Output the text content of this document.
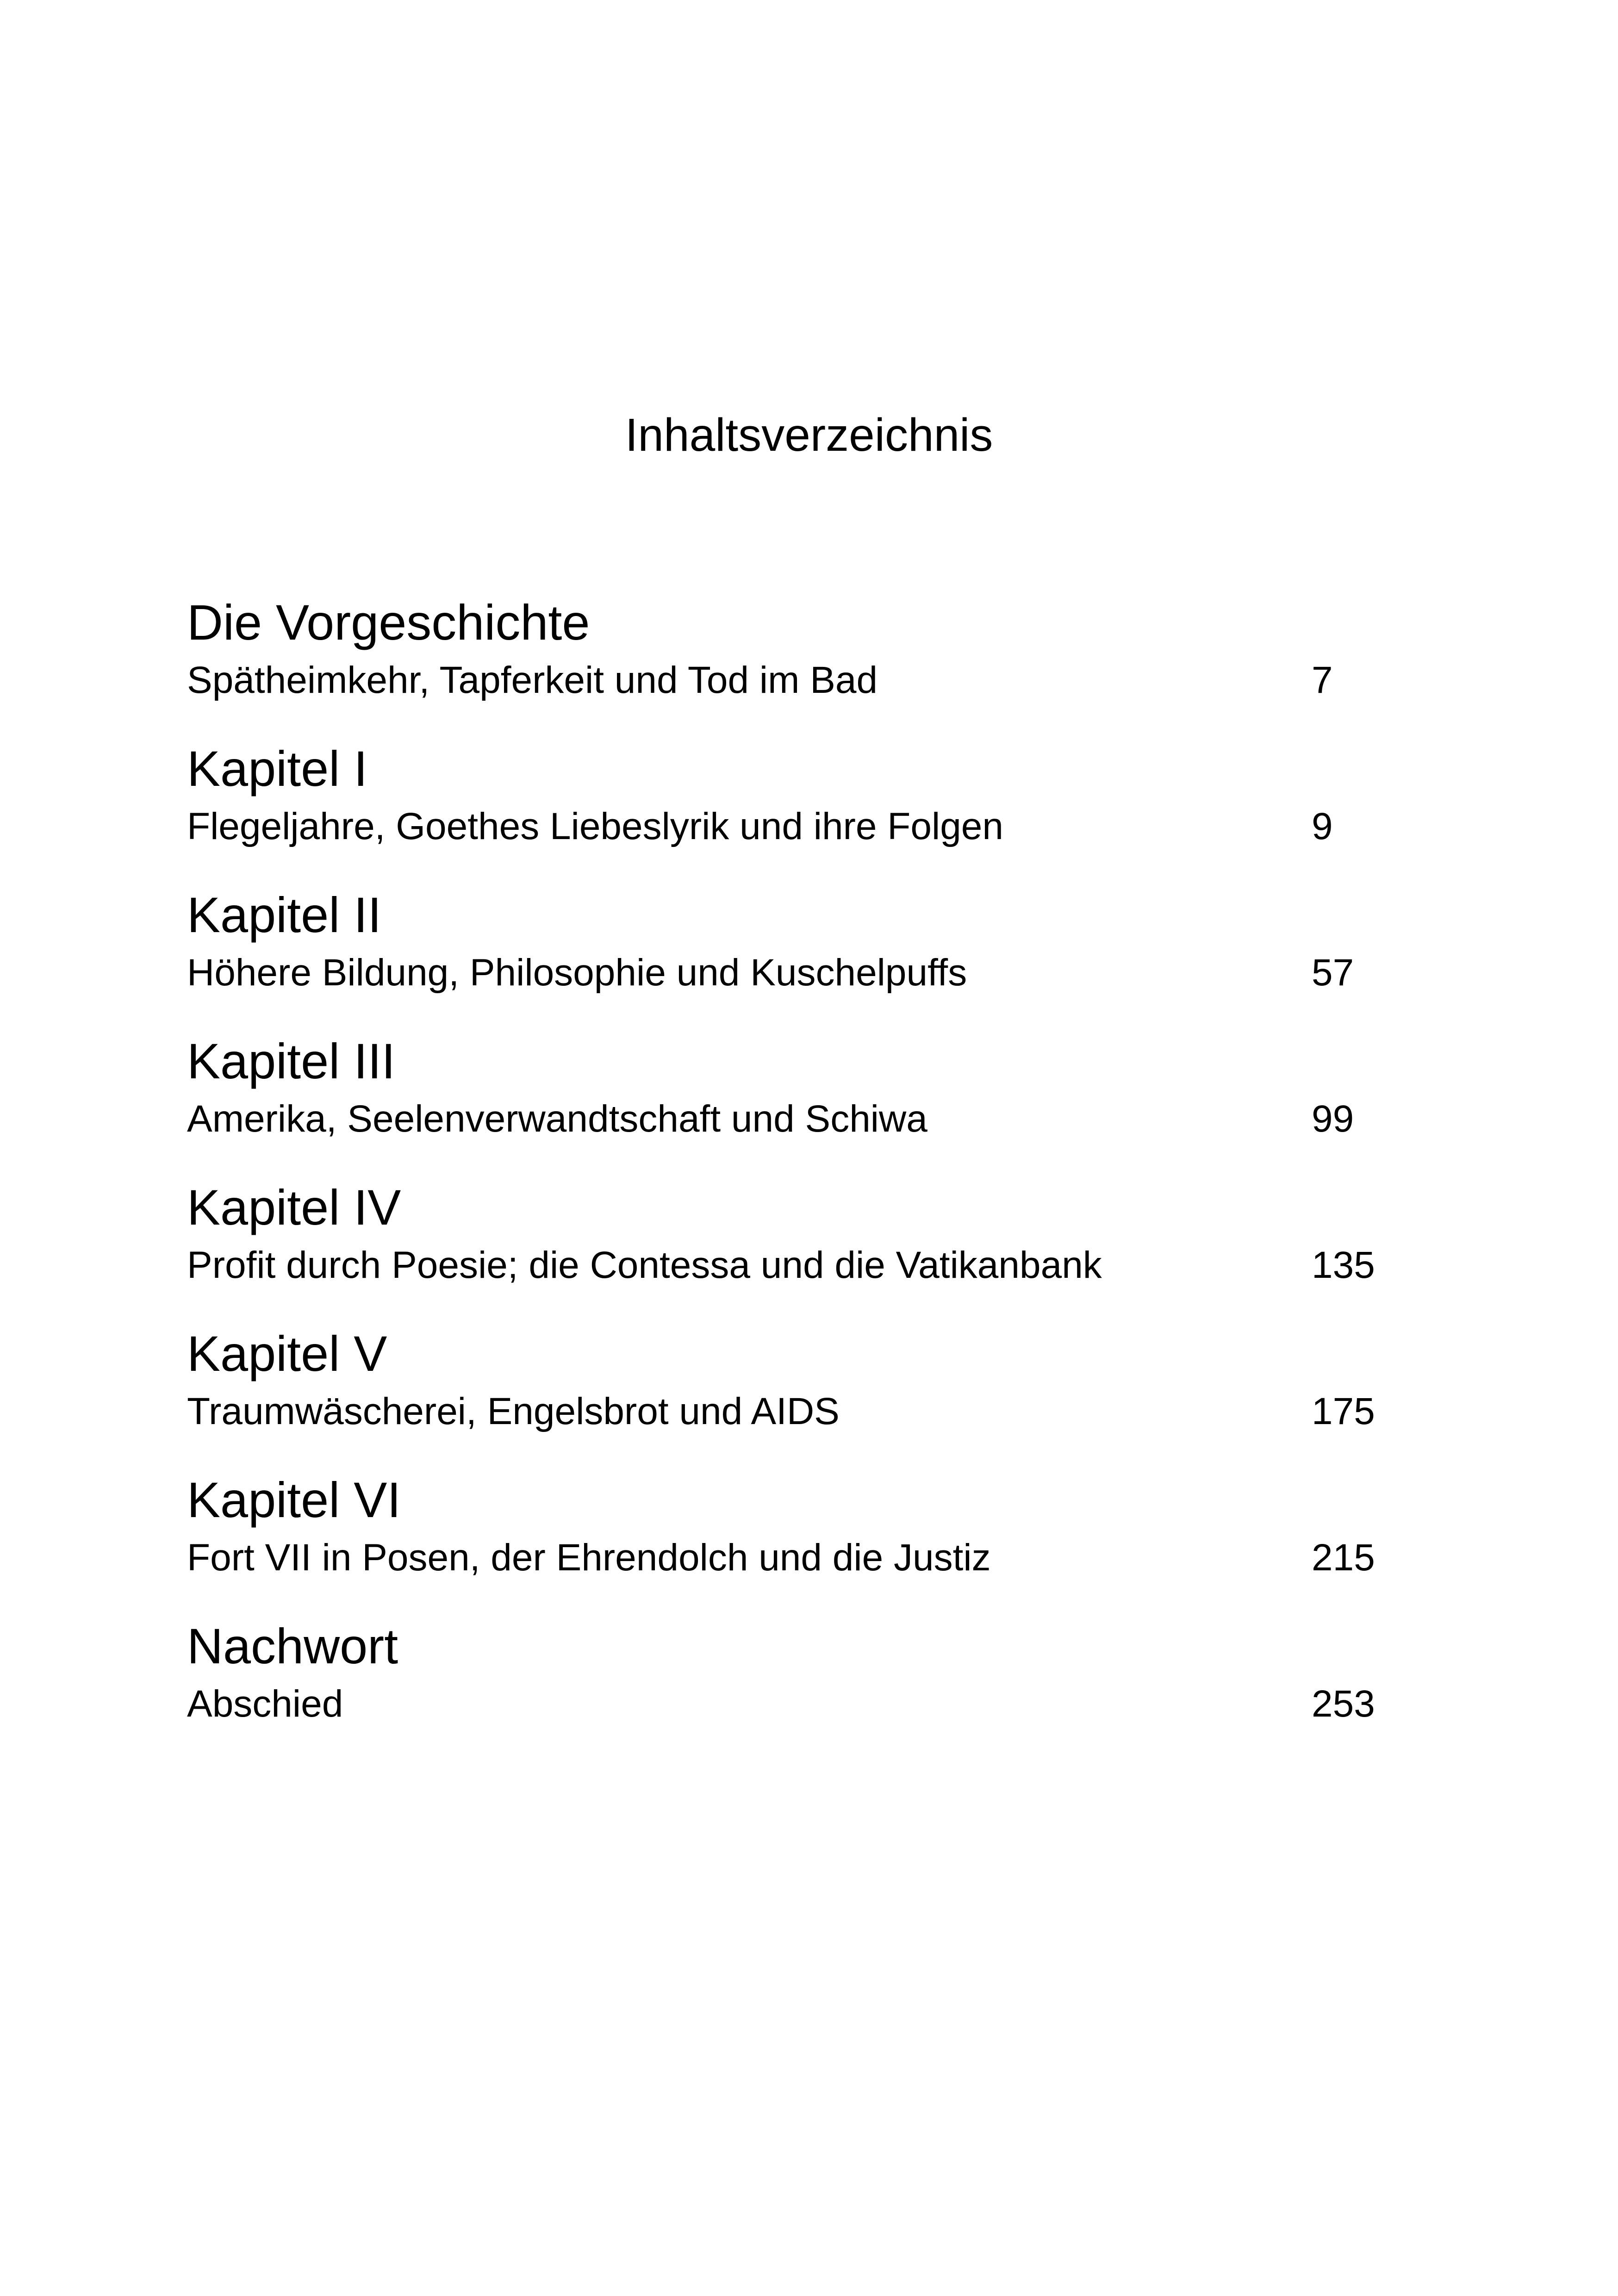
Inhaltsverzeichnis
Die Vorgeschichte
Spätheimkehr, Tapferkeit und Tod im Bad	7
Kapitel I
Flegeljahre, Goethes Liebeslyrik und ihre Folgen	9
Kapitel II
Höhere Bildung, Philosophie und Kuschelpuffs	57
Kapitel III
Amerika, Seelenverwandtschaft und Schiwa	99
Kapitel IV
Profit durch Poesie; die Contessa und die Vatikanbank	135
Kapitel V
Traumwäscherei, Engelsbrot und AIDS	175
Kapitel VI
Fort VII in Posen, der Ehrendolch und die Justiz	215
Nachwort
Abschied	253
